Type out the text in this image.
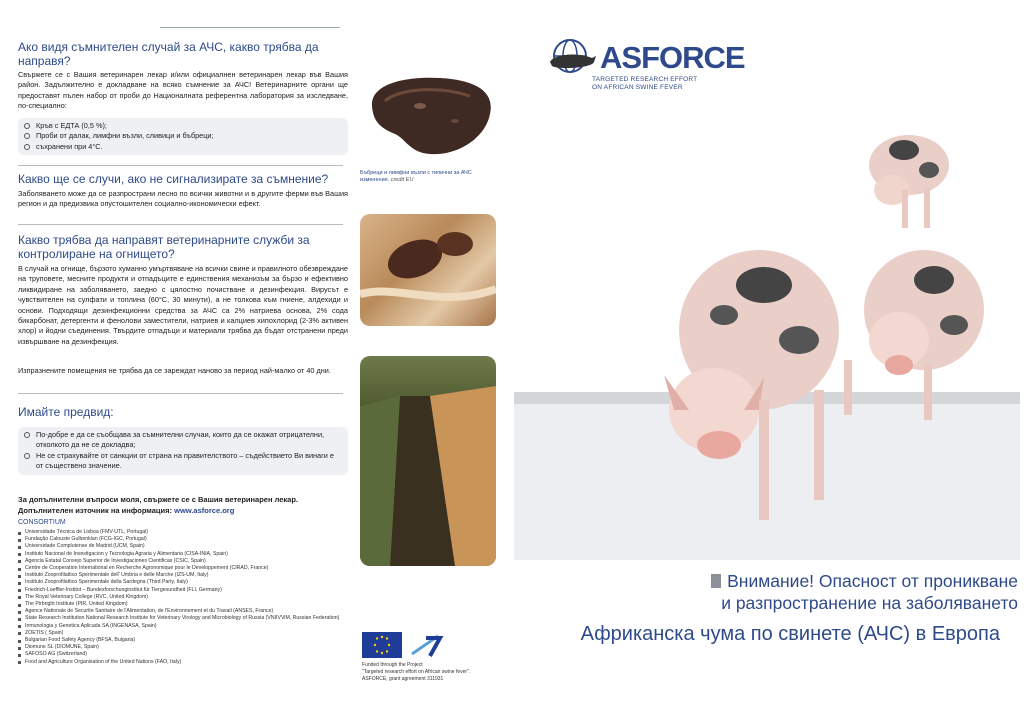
Ако видя съмнителен случай за АЧС, какво трябва да направя?
Свържете се с Вашия ветеринарен лекар и/или официалнен ветеринарен лекар във Вашия район. Задължително е докладване на всяко съмнение за АЧС! Ветеринарните органи ще предоставят пълен набор от проби до Националната референтна лаборатория за изследване, по-специално:
Кръв с ЕДТА (0,5 %);
Проби от далак, лимфни възли, сливици и бъбреци;
съхранени при 4°С.
Какво ще се случи, ако не сигнализирате за съмнение?
Заболяването може да се разпространи лесно по всички животни и в другите ферми във Вашия регион и да предизвика опустошителен социално-икономически ефект.
Какво трябва да направят ветеринарните служби за контролиране на огнището?
В случай на огнище, бързото хуманно умъртвяване на всички свине и правилното обезвреждане на труповете, месните продукти и отпадъците е единствения механизъм за бързо и ефективно ликвидиране на заболяването, заедно с цялостно почистване и дезинфекция. Вирусът е чувствителен на сулфати и топлина (60°С, 30 минути), а не толкова към гниене, алдехиди и основи. Подходящи дезинфекционни средства за АЧС са 2% натриева основа, 2% сода бикарбонат, детергенти и фенолови заместители, натриев и калциев хипохлорид (2-3% активен хлор) и йодни съединения. Твърдите отпадъци и материали трябва да бъдат отстранени преди извършване на дезинфекция.
Изпразнените помещения не трябва да се зареждат наново за период най-малко от 40 дни.
Имайте предвид:
По-добре е да се съобщава за съмнителни случаи, които да се окажат отрицателни, отколкото да не се докладва;
Не се страхувайте от санкции от страна на правителството – съдействието Ви винаги е от съществено значение.
За допълнителни въпроси моля, свържете се с Вашия ветеринарен лекар.
Допълнителен източник на информация: www.asforce.org
CONSORTIUM
Universidade Técnica de Lisboa (FMV-UTL, Portugal)
Fundação Calouste Gulbenkian (FCG-IGC, Portugal)
Universidade Complutense de Madrid (UCM, Spain)
Instituto Nacional de Investigacion y Tecnologia Agraria y Alimentaria (CISA-INIA, Spain)
Agencia Estatal Consejo Superior de Investigaciones Cientificas (CSIC, Spain)
Centre de Cooperation International en Recherche Agronomique pour le Developpement (CIRAD, France)
Instituto Zooprofilattico Sperimentale dell' Umbria e delle Marche (IZS-UM, Italy)
Instituto Zooprofilattico Sperimentale della Sardegna (Third Party, Italy)
Friedrich-Loeffler-Institut – Bundesforschunginstitut für Tiergesundheit (FLI, Germany)
The Royal Veterinary College (RVC, United Kingdom)
The Pirbright Institute (PIR, United Kingdom)
Agence Nationale de Securite Sanitaire de l'Alimentation, de l'Environnement et du Travail (ANSES, France)
State Research Institution National Research Institute for Veterinary Virology and Microbiology of Russia (VNIIVViM, Russian Federation)
Inmunologia y Genetica Aplicada SA (INGENASA, Spain)
ZOETIS ( Spain)
Bulgarian Food Safety Agency (BFSA, Bulgaria)
Diomune SL (DIOMUNE, Spain)
SAFOSO AG (Switzerland)
Food and Agriculture Organisation of the United Nations (FAO, Italy)
Бъбреци и лимфни възли с типични за АЧС изменения. credit EU
Funded through the Project
"Targeted research effort on African swine fever".
ASFORCE, grant agreement 311931
ASFORCE
TARGETED RESEARCH EFFORT
ON AFRICAN SWINE FEVER
Внимание! Опасност от проникване
и разпространение на заболяването
Африканска чума по свинете (АЧС) в Европа
